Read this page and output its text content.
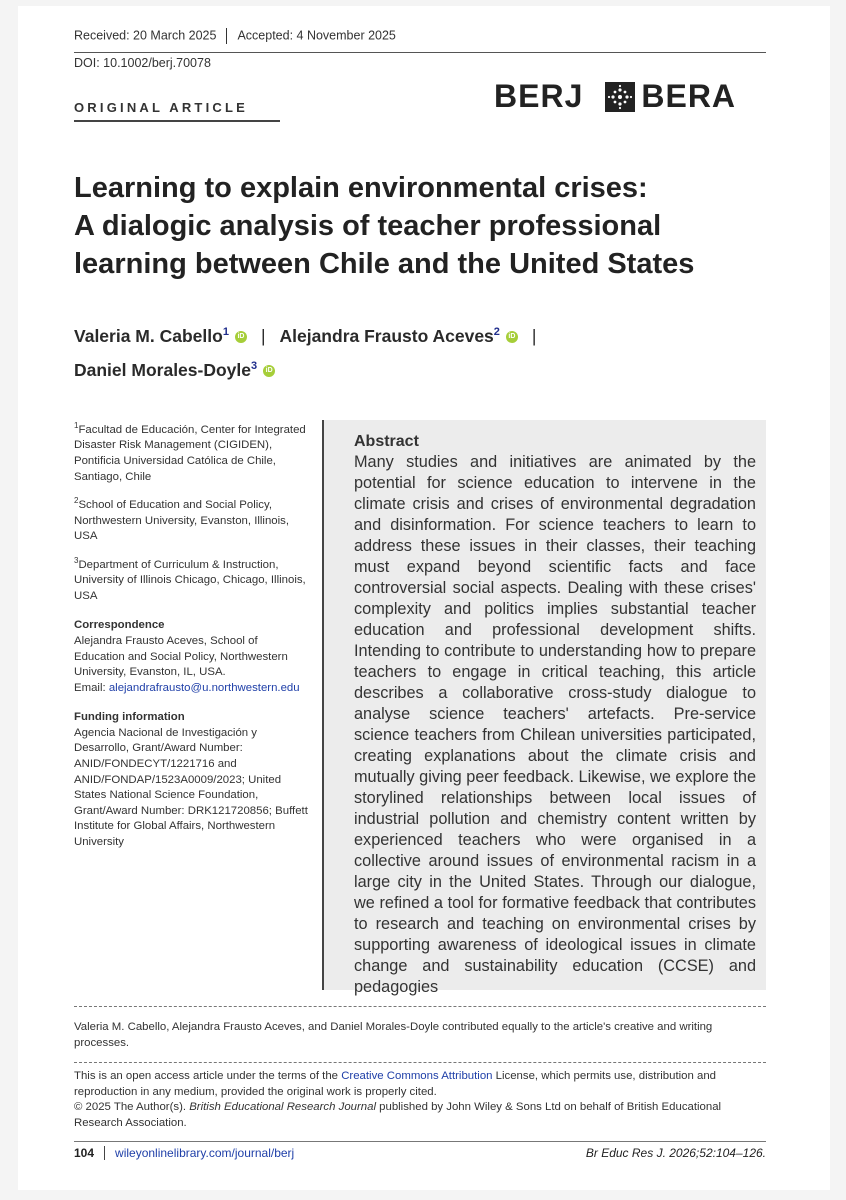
Received: 20 March 2025 Accepted: 4 November 2025
DOI: 10.1002/berj.70078
ORIGINAL ARTICLE	BERJ BERA
Learning to explain environmental crises:
A dialogic analysis of teacher professional
learning between Chile and the United States
Valeria M. Cabello$^1$ iD | Alejandra Frausto Aceves$^2$ iD |
Daniel Morales-Doyle$^3$ iD

$^1$Facultad de Educación, Center for Integrated Disaster Risk Management (CIGIDEN), Pontificia Universidad Católica de Chile, Santiago, Chile

$^2$School of Education and Social Policy, Northwestern University, Evanston, Illinois, USA

$^3$Department of Curriculum & Instruction, University of Illinois Chicago, Chicago, Illinois, USA

Correspondence
Alejandra Frausto Aceves, School of Education and Social Policy, Northwestern University, Evanston, IL, USA.
Email: alejandrafrausto@u.northwestern.edu

Funding information
Agencia Nacional de Investigación y Desarrollo, Grant/Award Number: ANID/FONDECYT/1221716 and ANID/FONDAP/1523A0009/2023; United States National Science Foundation, Grant/Award Number: DRK121720856; Buffett Institute for Global Affairs, Northwestern University

Abstract
Many studies and initiatives are animated by the potential for science education to intervene in the climate crisis and crises of environmental degradation and disinformation. For science teachers to learn to address these issues in their classes, their teaching must expand beyond scientific facts and face controversial social aspects. Dealing with these crises' complexity and politics implies substantial teacher education and professional development shifts. Intending to contribute to understanding how to prepare teachers to engage in critical teaching, this article describes a collaborative cross-study dialogue to analyse science teachers' artefacts. Pre-service science teachers from Chilean universities participated, creating explanations about the climate crisis and mutually giving peer feedback. Likewise, we explore the storylined relationships between local issues of industrial pollution and chemistry content written by experienced teachers who were organised in a collective around issues of environmental racism in a large city in the United States. Through our dialogue, we refined a tool for formative feedback that contributes to research and teaching on environmental crises by supporting awareness of ideological issues in climate change and sustainability education (CCSE) and pedagogies
Valeria M. Cabello, Alejandra Frausto Aceves, and Daniel Morales-Doyle contributed equally to the article's creative and writing processes.
This is an open access article under the terms of the Creative Commons Attribution License, which permits use, distribution and reproduction in any medium, provided the original work is properly cited.
© 2025 The Author(s). British Educational Research Journal published by John Wiley & Sons Ltd on behalf of British Educational Research Association.
104 wileyonlinelibrary.com/journal/berj	Br Educ Res J. 2026;52:104–126.
